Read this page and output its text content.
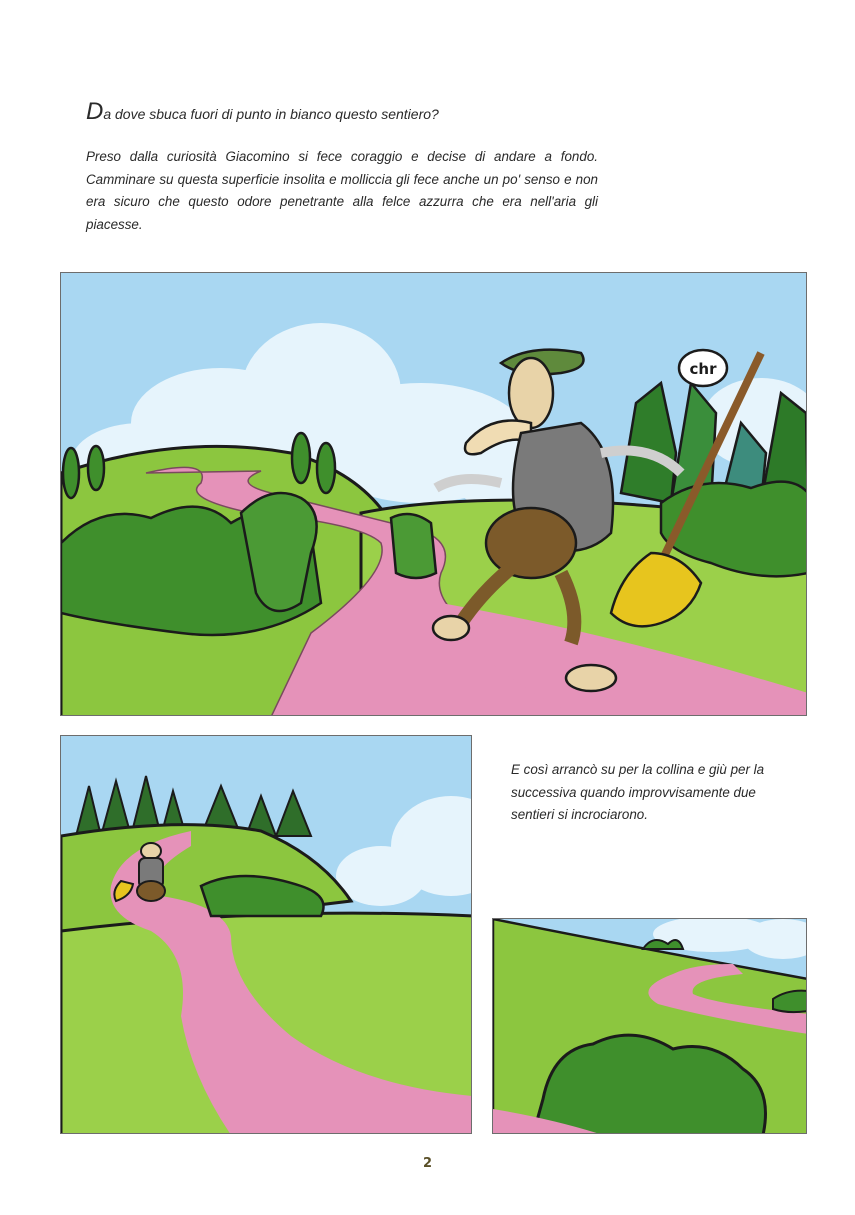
Da dove sbuca fuori di punto in bianco questo sentiero?

Preso dalla curiosità Giacomino si fece coraggio e decise di andare a fondo. Camminare su questa superficie insolita e molliccia gli fece anche un po' senso e non era sicuro che questo odore penetrante alla felce azzurra che era nell'aria gli piacesse.

chr

E così arrancò su per la collina e giù per la successiva quando improvvisamente due sentieri si incrociarono.

2
